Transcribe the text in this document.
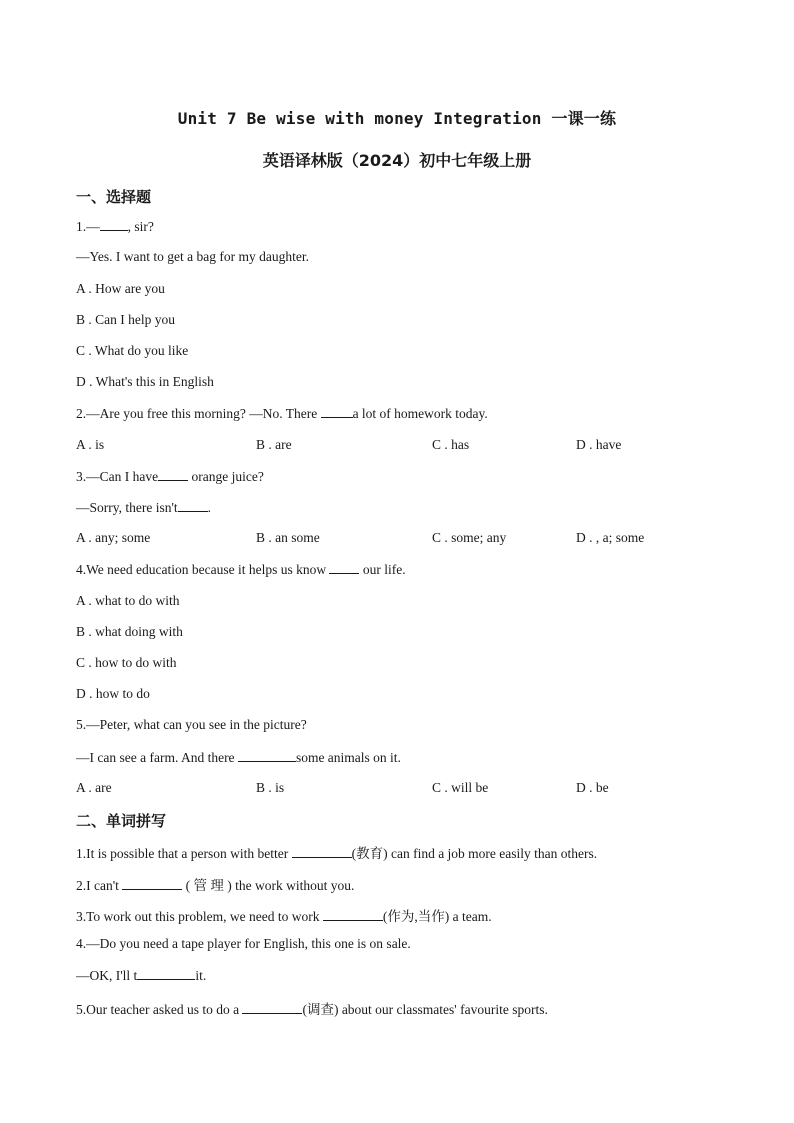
Unit 7 Be wise with money Integration 一课一练
英语译林版（2024）初中七年级上册
一、选择题
1.— , sir?
—Yes. I want to get a bag for my daughter.
A . How are you
B . Can I help you
C . What do you like
D . What's this in English
2.—Are you free this morning? —No. There a lot of homework today.
A . is	B . are	C . has	D . have
3.—Can I have orange juice?
—Sorry, there isn't .
A . any; some	B . an some	C . some; any	D . , a; some
4.We need education because it helps us know  our life.
A . what to do with
B . what doing with
C . how to do with
D . how to do
5.—Peter, what can you see in the picture?
—I can see a farm. And there	some animals on it.
A . are	B . is	C . will be	D . be
二、单词拼写
1.It is possible that a person with better	(教育) can find a job more easily than others.
2.I can't	( 管 理 ) the work without you.
3.To work out this problem, we need to work	(作为,当作) a team.
4.—Do you need a tape player for English, this one is on sale.
—OK, I'll t	it.
5.Our teacher asked us to do a	(调查) about our classmates' favourite sports.
